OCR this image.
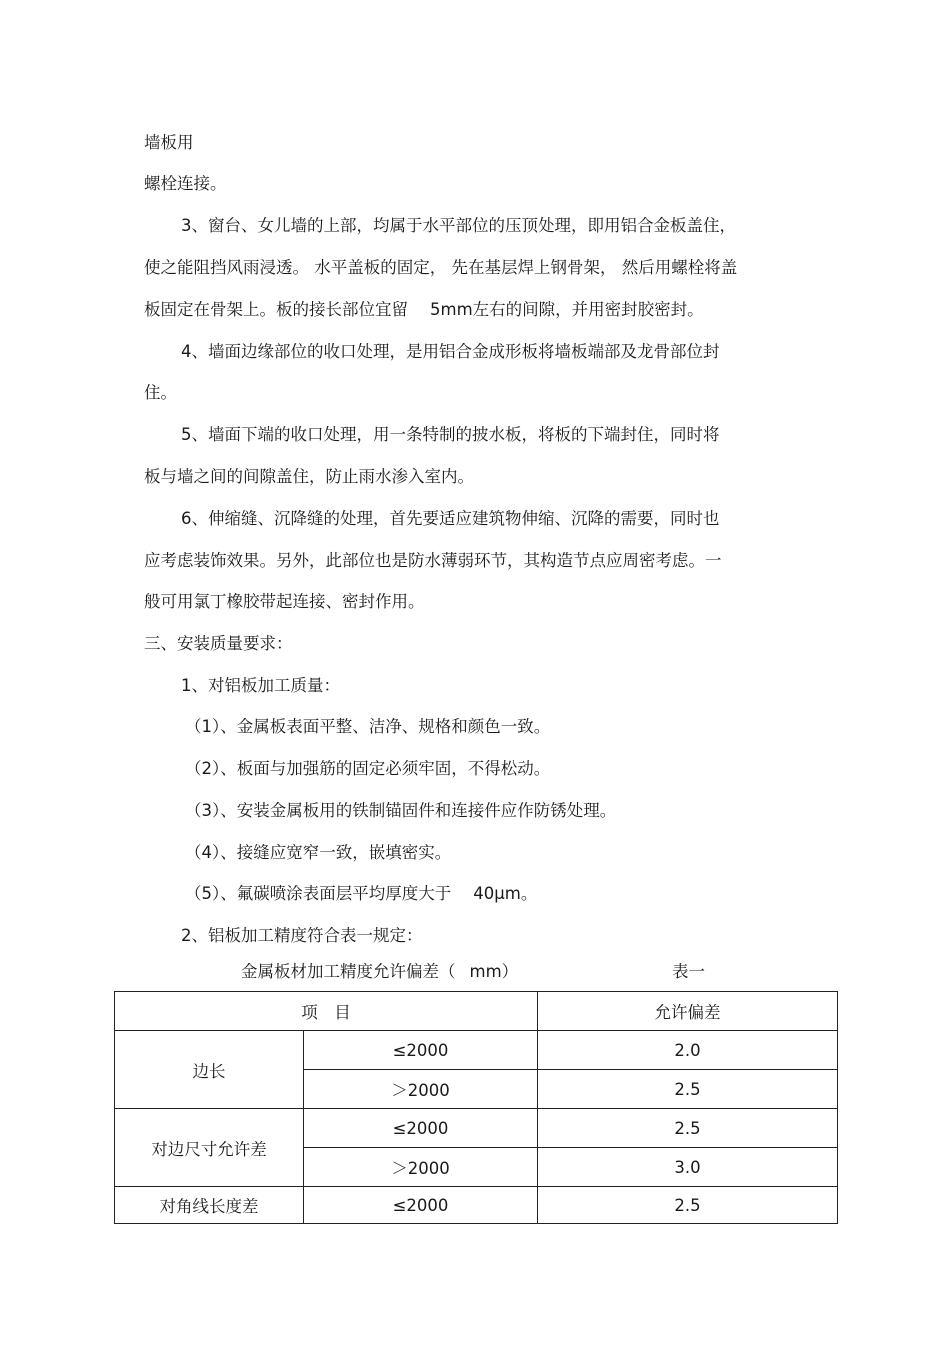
墙板用
螺栓连接。
3、窗台、女儿墙的上部，均属于水平部位的压顶处理，即用铝合金板盖住，
使之能阻挡风雨浸透。 水平盖板的固定， 先在基层焊上钢骨架， 然后用螺栓将盖
板固定在骨架上。板的接长部位宜留 5mm左右的间隙，并用密封胶密封。
4、墙面边缘部位的收口处理，是用铝合金成形板将墙板端部及龙骨部位封
住。
5、墙面下端的收口处理，用一条特制的披水板，将板的下端封住，同时将
板与墙之间的间隙盖住，防止雨水渗入室内。
6、伸缩缝、沉降缝的处理，首先要适应建筑物伸缩、沉降的需要，同时也
应考虑装饰效果。另外，此部位也是防水薄弱环节，其构造节点应周密考虑。一
般可用氯丁橡胶带起连接、密封作用。
三、安装质量要求：
1、对铝板加工质量：
（1）、金属板表面平整、洁净、规格和颜色一致。
（2）、板面与加强筋的固定必须牢固，不得松动。
（3）、安装金属板用的铁制锚固件和连接件应作防锈处理。
（4）、接缝应宽窄一致，嵌填密实。
（5）、氟碳喷涂表面层平均厚度大于 40μm。
2、铝板加工精度符合表一规定：
金属板材加工精度允许偏差（ mm）	表一
项　目		允许偏差
边长	≤2000	2.0
	＞2000	2.5
对边尺寸允许差	≤2000	2.5
	＞2000	3.0
对角线长度差	≤2000	2.5
